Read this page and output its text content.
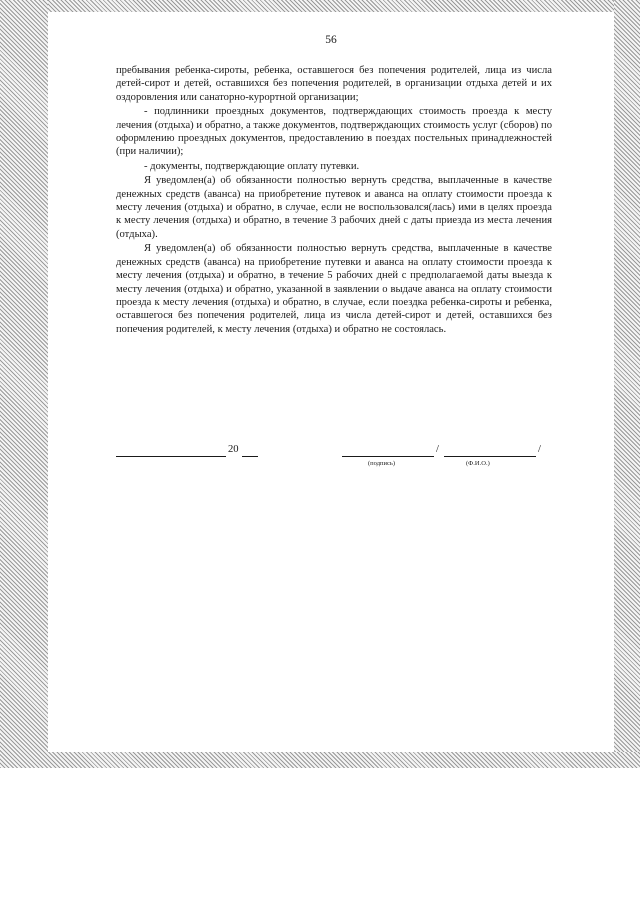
56

пребывания ребенка-сироты, ребенка, оставшегося без попечения родителей, лица из числа детей-сирот и детей, оставшихся без попечения родителей, в организации отдыха детей и их оздоровления или санаторно-курортной организации;

- подлинники проездных документов, подтверждающих стоимость проезда к месту лечения (отдыха) и обратно, а также документов, подтверждающих стоимость услуг (сборов) по оформлению проездных документов, предоставлению в поездах постельных принадлежностей (при наличии);

- документы, подтверждающие оплату путевки.

Я уведомлен(а) об обязанности полностью вернуть средства, выплаченные в качестве денежных средств (аванса) на приобретение путевок и аванса на оплату стоимости проезда к месту лечения (отдыха) и обратно, в случае, если не воспользовался(лась) ими в целях проезда к месту лечения (отдыха) и обратно, в течение 3 рабочих дней с даты приезда из места лечения (отдыха).

Я уведомлен(а) об обязанности полностью вернуть средства, выплаченные в качестве денежных средств (аванса) на приобретение путевки и аванса на оплату стоимости проезда к месту лечения (отдыха) и обратно, в течение 5 рабочих дней с предполагаемой даты выезда к месту лечения (отдыха) и обратно, указанной в заявлении о выдаче аванса на оплату стоимости проезда к месту лечения (отдыха) и обратно, в случае, если поездка ребенка-сироты и ребенка, оставшегося без попечения родителей, лица из числа детей-сирот и детей, оставшихся без попечения родителей, к месту лечения (отдыха) и обратно не состоялась.

20	/	/
(подпись)	(Ф.И.О.)
